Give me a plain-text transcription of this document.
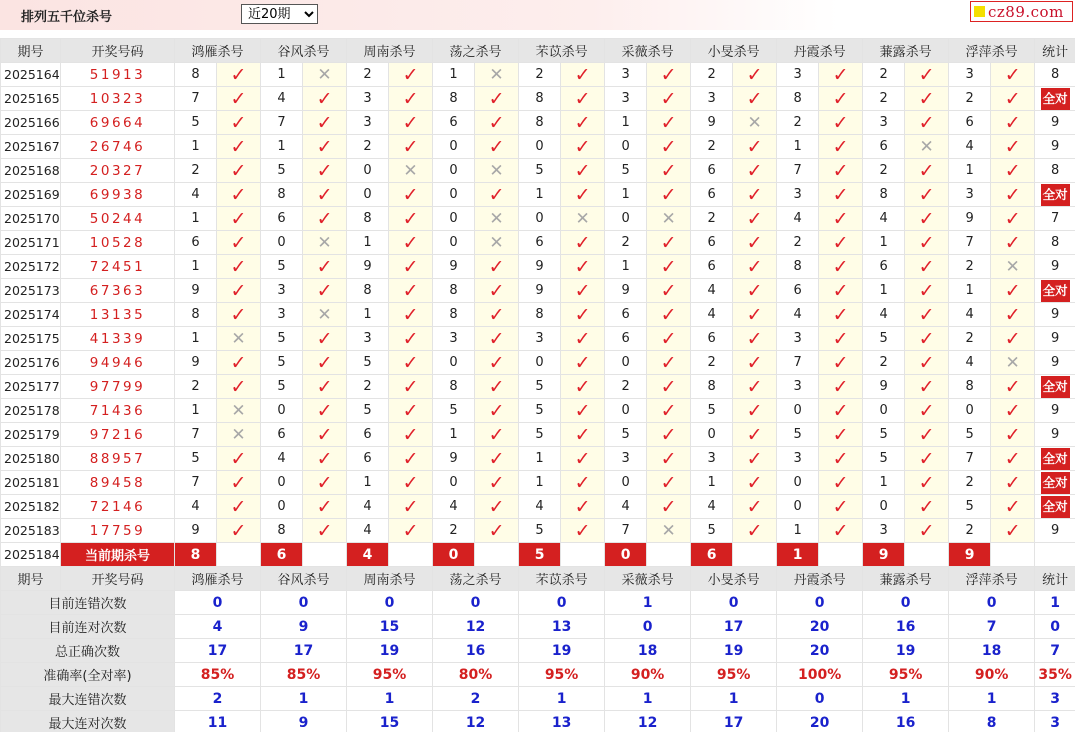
排列五千位杀号
近20期	cz89.com
期号	开奖号码	鸿雁杀号		谷风杀号		周南杀号		荡之杀号		芣苡杀号		采薇杀号		小旻杀号		丹霞杀号		蒹露杀号		浮萍杀号		统计
2025164	51913	8	✓	1	✕	2	✓	1	✕	2	✓	3	✓	2	✓	3	✓	2	✓	3	✓	8
2025165	10323	7	✓	4	✓	3	✓	8	✓	8	✓	3	✓	3	✓	8	✓	2	✓	2	✓	全对
2025166	69664	5	✓	7	✓	3	✓	6	✓	8	✓	1	✓	9	✕	2	✓	3	✓	6	✓	9
2025167	26746	1	✓	1	✓	2	✓	0	✓	0	✓	0	✓	2	✓	1	✓	6	✕	4	✓	9
2025168	20327	2	✓	5	✓	0	✕	0	✕	5	✓	5	✓	6	✓	7	✓	2	✓	1	✓	8
2025169	69938	4	✓	8	✓	0	✓	0	✓	1	✓	1	✓	6	✓	3	✓	8	✓	3	✓	全对
2025170	50244	1	✓	6	✓	8	✓	0	✕	0	✕	0	✕	2	✓	4	✓	4	✓	9	✓	7
2025171	10528	6	✓	0	✕	1	✓	0	✕	6	✓	2	✓	6	✓	2	✓	1	✓	7	✓	8
2025172	72451	1	✓	5	✓	9	✓	9	✓	9	✓	1	✓	6	✓	8	✓	6	✓	2	✕	9
2025173	67363	9	✓	3	✓	8	✓	8	✓	9	✓	9	✓	4	✓	6	✓	1	✓	1	✓	全对
2025174	13135	8	✓	3	✕	1	✓	8	✓	8	✓	6	✓	4	✓	4	✓	4	✓	4	✓	9
2025175	41339	1	✕	5	✓	3	✓	3	✓	3	✓	6	✓	6	✓	3	✓	5	✓	2	✓	9
2025176	94946	9	✓	5	✓	5	✓	0	✓	0	✓	0	✓	2	✓	7	✓	2	✓	4	✕	9
2025177	97799	2	✓	5	✓	2	✓	8	✓	5	✓	2	✓	8	✓	3	✓	9	✓	8	✓	全对
2025178	71436	1	✕	0	✓	5	✓	5	✓	5	✓	0	✓	5	✓	0	✓	0	✓	0	✓	9
2025179	97216	7	✕	6	✓	6	✓	1	✓	5	✓	5	✓	0	✓	5	✓	5	✓	5	✓	9
2025180	88957	5	✓	4	✓	6	✓	9	✓	1	✓	3	✓	3	✓	3	✓	5	✓	7	✓	全对
2025181	89458	7	✓	0	✓	1	✓	0	✓	1	✓	0	✓	1	✓	0	✓	1	✓	2	✓	全对
2025182	72146	4	✓	0	✓	4	✓	4	✓	4	✓	4	✓	4	✓	0	✓	0	✓	5	✓	全对
2025183	17759	9	✓	8	✓	4	✓	2	✓	5	✓	7	✕	5	✓	1	✓	3	✓	2	✓	9
2025184	当前期杀号	8		6		4		0		5		0		6		1		9		9		
期号	开奖号码	鸿雁杀号		谷风杀号		周南杀号		荡之杀号		芣苡杀号		采薇杀号		小旻杀号		丹霞杀号		蒹露杀号		浮萍杀号		统计
目前连错次数		0		0		0		0		0		1		0		0		0		0		1
目前连对次数		4		9		15		12		13		0		17		20		16		7		0
总正确次数		17		17		19		16		19		18		19		20		19		18		7
准确率(全对率)		85%		85%		95%		80%		95%		90%		95%		100%		95%		90%		35%
最大连错次数		2		1		1		2		1		1		1		0		1		1		3
最大连对次数		11		9		15		12		13		12		17		20		16		8		3
